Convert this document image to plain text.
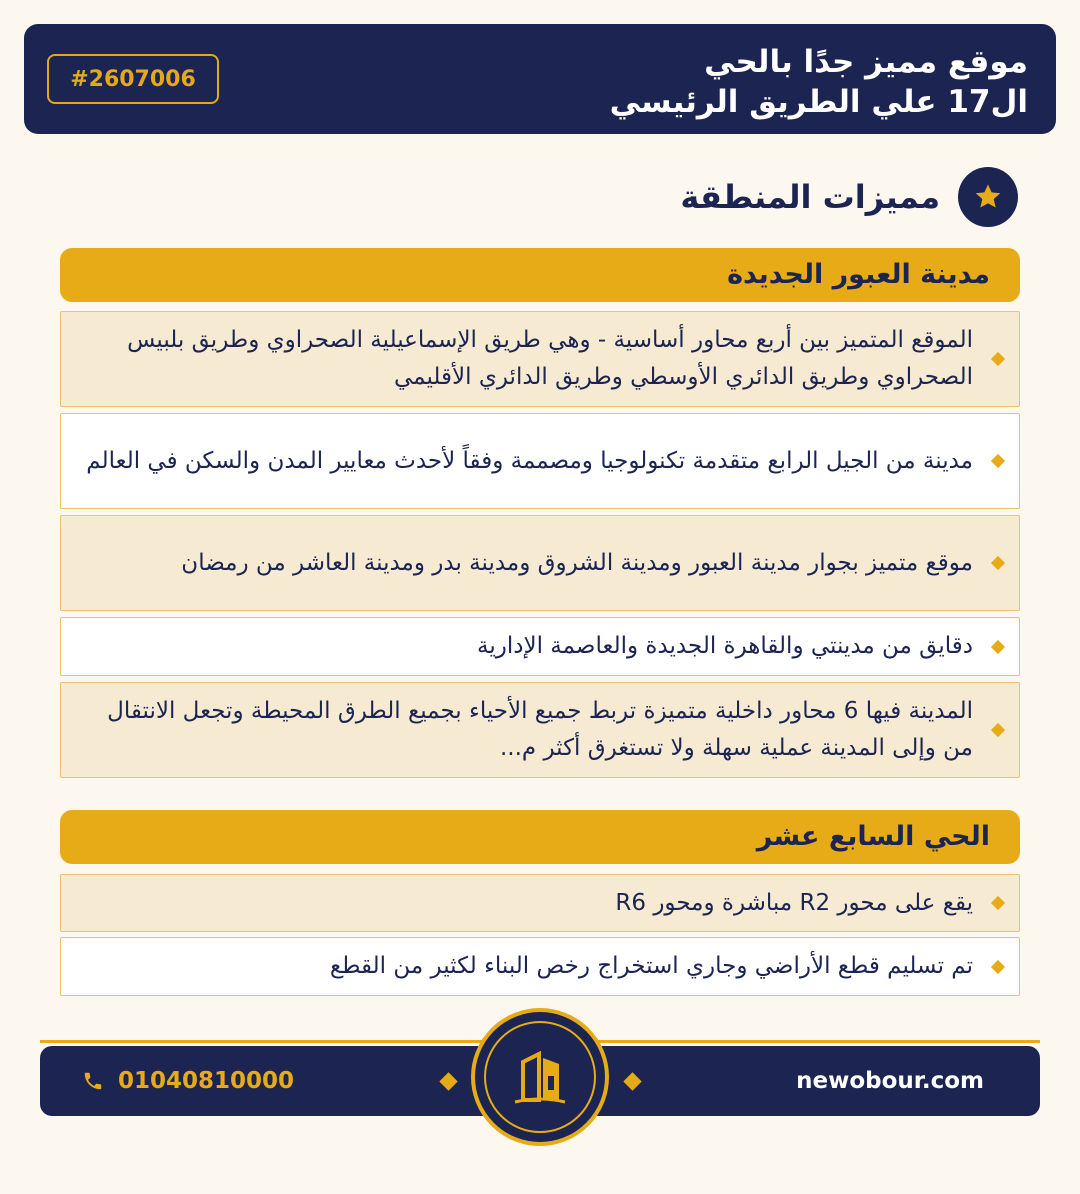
#2607006	موقع مميز جدًا بالحي
ال17 علي الطريق الرئيسي
مميزات المنطقة
مدينة العبور الجديدة
الموقع المتميز بين أربع محاور أساسية - وهي طريق الإسماعيلية الصحراوي وطريق بلبيس الصحراوي وطريق الدائري الأوسطي وطريق الدائري الأقليمي
مدينة من الجيل الرابع متقدمة تكنولوجيا ومصممة وفقاً لأحدث معايير المدن والسكن في العالم
موقع متميز بجوار مدينة العبور ومدينة الشروق ومدينة بدر ومدينة العاشر من رمضان
دقايق من مدينتي والقاهرة الجديدة والعاصمة الإدارية
المدينة فيها 6 محاور داخلية متميزة تربط جميع الأحياء بجميع الطرق المحيطة وتجعل الانتقال من وإلى المدينة عملية سهلة ولا تستغرق أكثر م...
الحي السابع عشر
يقع على محور R2 مباشرة ومحور R6
تم تسليم قطع الأراضي وجاري استخراج رخص البناء لكثير من القطع
01040810000	newobour.com
